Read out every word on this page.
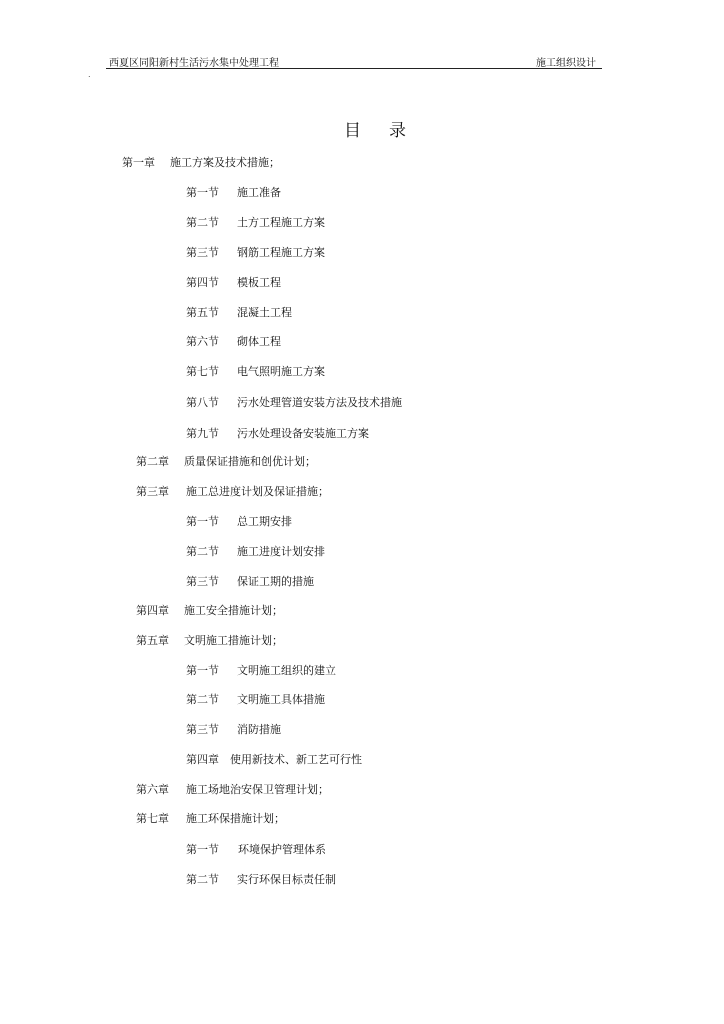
西夏区同阳新村生活污水集中处理工程	施工组织设计
.
目录
第一章 施工方案及技术措施；
第一节 施工准备
第二节 土方工程施工方案
第三节 钢筋工程施工方案
第四节 模板工程
第五节 混凝土工程
第六节 砌体工程
第七节 电气照明施工方案
第八节 污水处理管道安装方法及技术措施
第九节 污水处理设备安装施工方案
第二章 质量保证措施和创优计划；
第三章 施工总进度计划及保证措施；
第一节 总工期安排
第二节 施工进度计划安排
第三节 保证工期的措施
第四章 施工安全措施计划；
第五章 文明施工措施计划；
第一节 文明施工组织的建立
第二节 文明施工具体措施
第三节 消防措施
第四章 使用新技术、新工艺可行性
第六章 施工场地治安保卫管理计划；
第七章 施工环保措施计划；
第一节 环境保护管理体系
第二节 实行环保目标责任制
